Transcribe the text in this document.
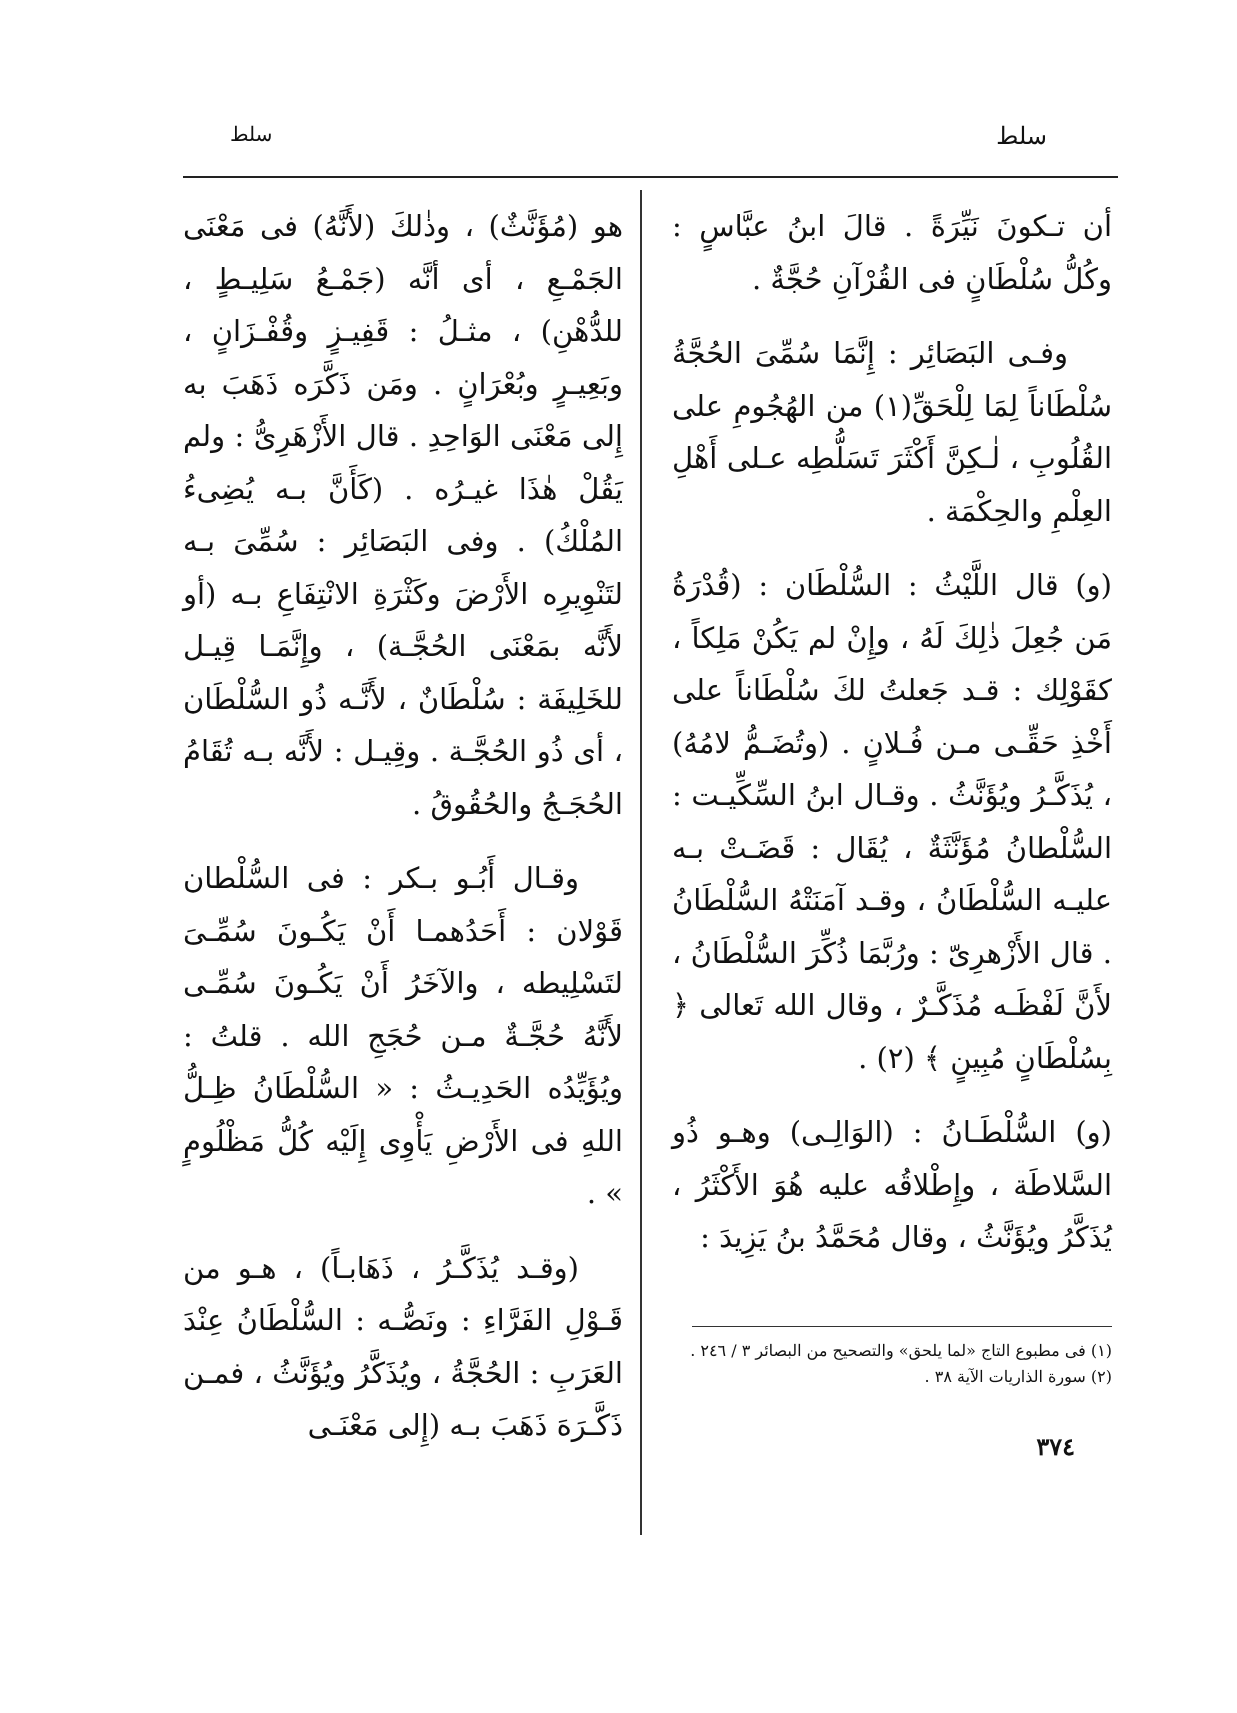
سلط
سلط

أن تـكونَ نَيِّرَةً . قالَ ابنُ عبَّاسٍ : وكُلُّ سُلْطَانٍ فى القُرْآنِ حُجَّةٌ .

وفـى البَصَائِر : إِنَّمَا سُمِّىَ الحُجَّةُ سُلْطَاناً لِمَا لِلْحَقِّ(١) من الهُجُومِ على القُلُوبِ ، لٰـكِنَّ أَكْثَرَ تَسَلُّطِه عـلى أَهْلِ العِلْمِ والحِكْمَة .

(و) قال اللَّيْثُ : السُّلْطَان : (قُدْرَةُ مَن جُعِلَ ذٰلِكَ لَهُ ، وإِنْ لم يَكُنْ مَلِكاً ، كقَوْلِك : قـد جَعلتُ لكَ سُلْطَاناً على أَخْذِ حَقِّـى مـن فُـلانٍ . (وتُضَـمُّ لامُهُ) ، يُذَكَّـرُ ويُؤَنَّثُ . وقـال ابنُ السِّكِّيـت : السُّلْطانُ مُؤَنَّثَةٌ ، يُقَال : قَضَـتْ بـه عليـه السُّلْطَانُ ، وقـد آمَنَتْهُ السُّلْطَانُ . قال الأَزْهرِىّ : ورُبَّمَا ذُكِّرَ السُّلْطَانُ ، لأَنَّ لَفْظَـه مُذَكَّـرٌ ، وقال الله تَعالى ﴿ بِسُلْطَانٍ مُبِينٍ ﴾ (٢) .

(و) السُّلْطَـانُ : (الوَالِـى) وهـو ذُو السَّلاطَة ، وإِطْلاقُه عليه هُوَ الأَكْثَرُ ، يُذَكَّرُ ويُؤَنَّثُ ، وقال مُحَمَّدُ بنُ يَزِيدَ :

هو (مُؤَنَّثٌ) ، وذٰلكَ (لأَنَّهُ) فى مَعْنَى الجَمْـعِ ، أى أنَّه (جَمْـعُ سَلِيـطٍ ، للدُّهْنِ) ، مثـلُ : قَفِيـزٍ وقُفْـزَانٍ ، وبَعِيـرٍ وبُعْرَانٍ . ومَن ذَكَّرَه ذَهَبَ به إِلى مَعْنَى الوَاحِدِ . قال الأَزْهَرِىُّ : ولم يَقُلْ هٰذَا غيـرُه . (كَأَنَّ بـه يُضِىءُ المُلْكُ) . وفى البَصَائِر : سُمِّىَ بـه لتَنْوِيرِه الأَرْضَ وكَثْرَةِ الانْتِفَاعِ بـه (أو لأَنَّه بمَعْنَى الحُجَّـة) ، وإِنَّمَـا قِيـل للخَلِيفَة : سُلْطَانٌ ، لأَنَّـه ذُو السُّلْطَان ، أى ذُو الحُجَّـة . وقِيـل : لأَنَّه بـه تُقَامُ الحُجَـجُ والحُقُوقُ .

وقـال أَبُـو بـكر : فى السُّلْطان قَوْلان : أَحَدُهمـا أَنْ يَكُـونَ سُمِّـىَ لتَسْلِيطه ، والآخَرُ أَنْ يَكُـونَ سُمِّـى لأَنَّهُ حُجَّـةٌ مـن حُجَجِ الله . قلتُ : ويُؤَيِّدُه الحَدِيـثُ : « السُّلْطَانُ ظِـلُّ اللهِ فى الأَرْضِ يَأْوِى إِلَيْه كُلُّ مَظْلُومٍ » .

(وقـد يُذَكَّـرُ ، ذَهَابـاً) ، هـو من قَـوْلِ الفَرَّاءِ : ونَصُّـه : السُّلْطَانُ عِنْدَ العَرَبِ : الحُجَّةُ ، ويُذَكَّرُ ويُؤَنَّثُ ، فمـن ذَكَّـرَهَ ذَهَبَ بـه (إِلى مَعْنَـى

(١) فى مطبوع التاج «لما يلحق» والتصحيح من البصائر ٣ / ٢٤٦ .
(٢) سورة الذاريات الآية ٣٨ .
٣٧٤
